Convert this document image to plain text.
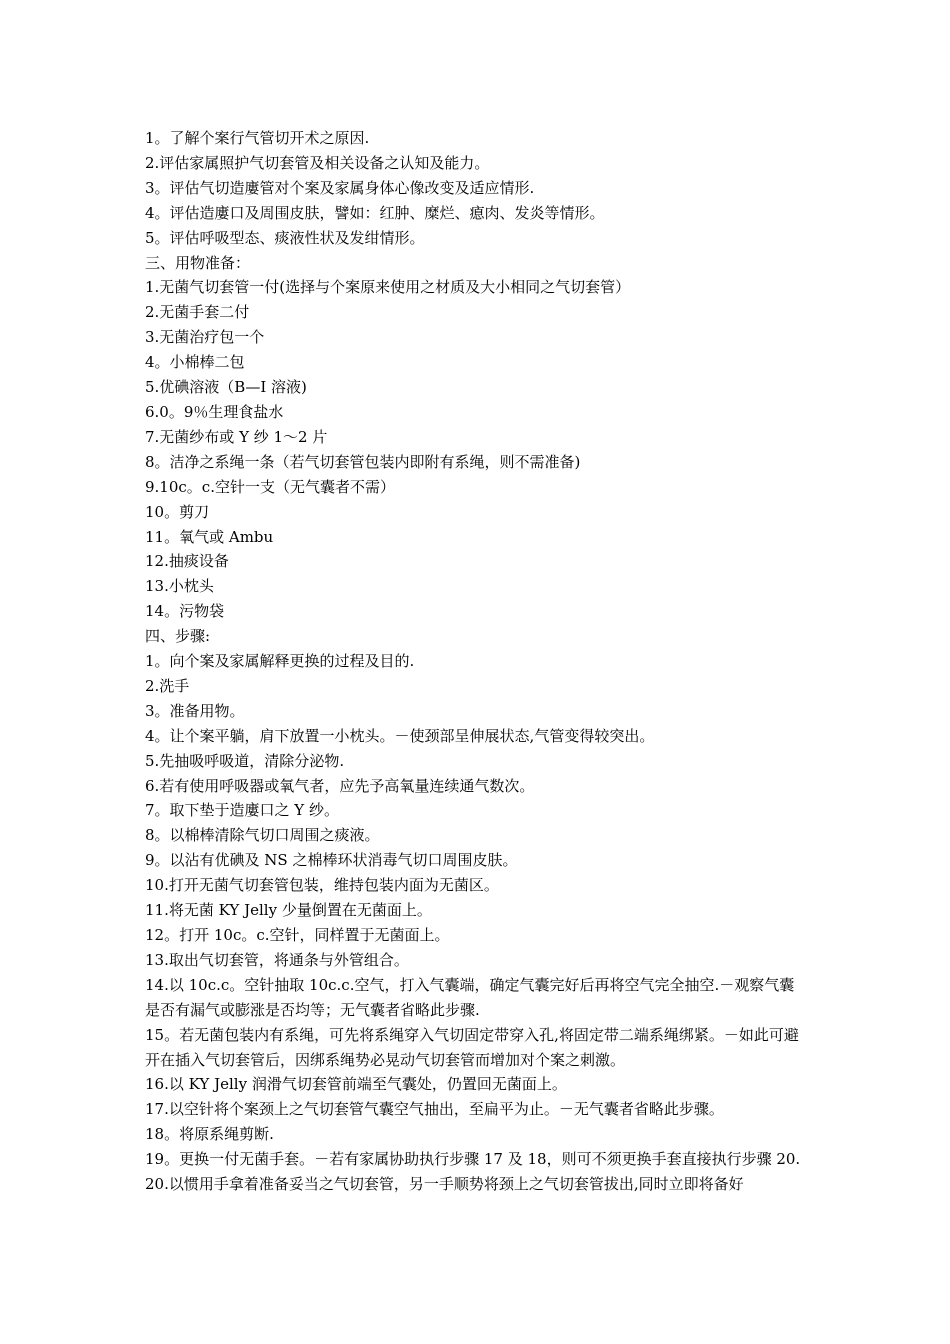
1。了解个案行气管切开术之原因.

2.评估家属照护气切套管及相关设备之认知及能力。

3。评估气切造廔管对个案及家属身体心像改变及适应情形.

4。评估造廔口及周围皮肤，譬如：红肿、糜烂、瘜肉、发炎等情形。

5。评估呼吸型态、痰液性状及发绀情形。

三、用物准备：

1.无菌气切套管一付(选择与个案原来使用之材质及大小相同之气切套管）

2.无菌手套二付

3.无菌治疗包一个

4。小棉棒二包

5.优碘溶液（B—I 溶液)

6.0。9％生理食盐水

7.无菌纱布或 Y 纱 1～2 片

8。洁净之系绳一条（若气切套管包装内即附有系绳，则不需准备)

9.10c。c.空针一支（无气囊者不需）

10。剪刀

11。氧气或 Ambu

12.抽痰设备

13.小枕头

14。污物袋

四、步骤:

1。向个案及家属解释更换的过程及目的.

2.洗手

3。准备用物。

4。让个案平躺，肩下放置一小枕头。－使颈部呈伸展状态,气管变得较突出。

5.先抽吸呼吸道，清除分泌物.

6.若有使用呼吸器或氧气者，应先予高氧量连续通气数次。

7。取下垫于造廔口之 Y 纱。

8。以棉棒清除气切口周围之痰液。

9。以沾有优碘及 NS 之棉棒环状消毒气切口周围皮肤。

10.打开无菌气切套管包装，维持包装内面为无菌区。

11.将无菌 KY Jelly 少量倒置在无菌面上。

12。打开 10c。c.空针，同样置于无菌面上。

13.取出气切套管，将通条与外管组合。

14.以 10c.c。空针抽取 10c.c.空气，打入气囊端，确定气囊完好后再将空气完全抽空.－观察气囊是否有漏气或膨涨是否均等；无气囊者省略此步骤.

15。若无菌包装内有系绳，可先将系绳穿入气切固定带穿入孔,将固定带二端系绳绑紧。－如此可避开在插入气切套管后，因绑系绳势必晃动气切套管而增加对个案之刺激。

16.以 KY Jelly 润滑气切套管前端至气囊处，仍置回无菌面上。

17.以空针将个案颈上之气切套管气囊空气抽出，至扁平为止。－无气囊者省略此步骤。

18。将原系绳剪断.

19。更换一付无菌手套。－若有家属协助执行步骤 17 及 18，则可不须更换手套直接执行步骤 20.

20.以惯用手拿着准备妥当之气切套管，另一手顺势将颈上之气切套管拔出,同时立即将备好
